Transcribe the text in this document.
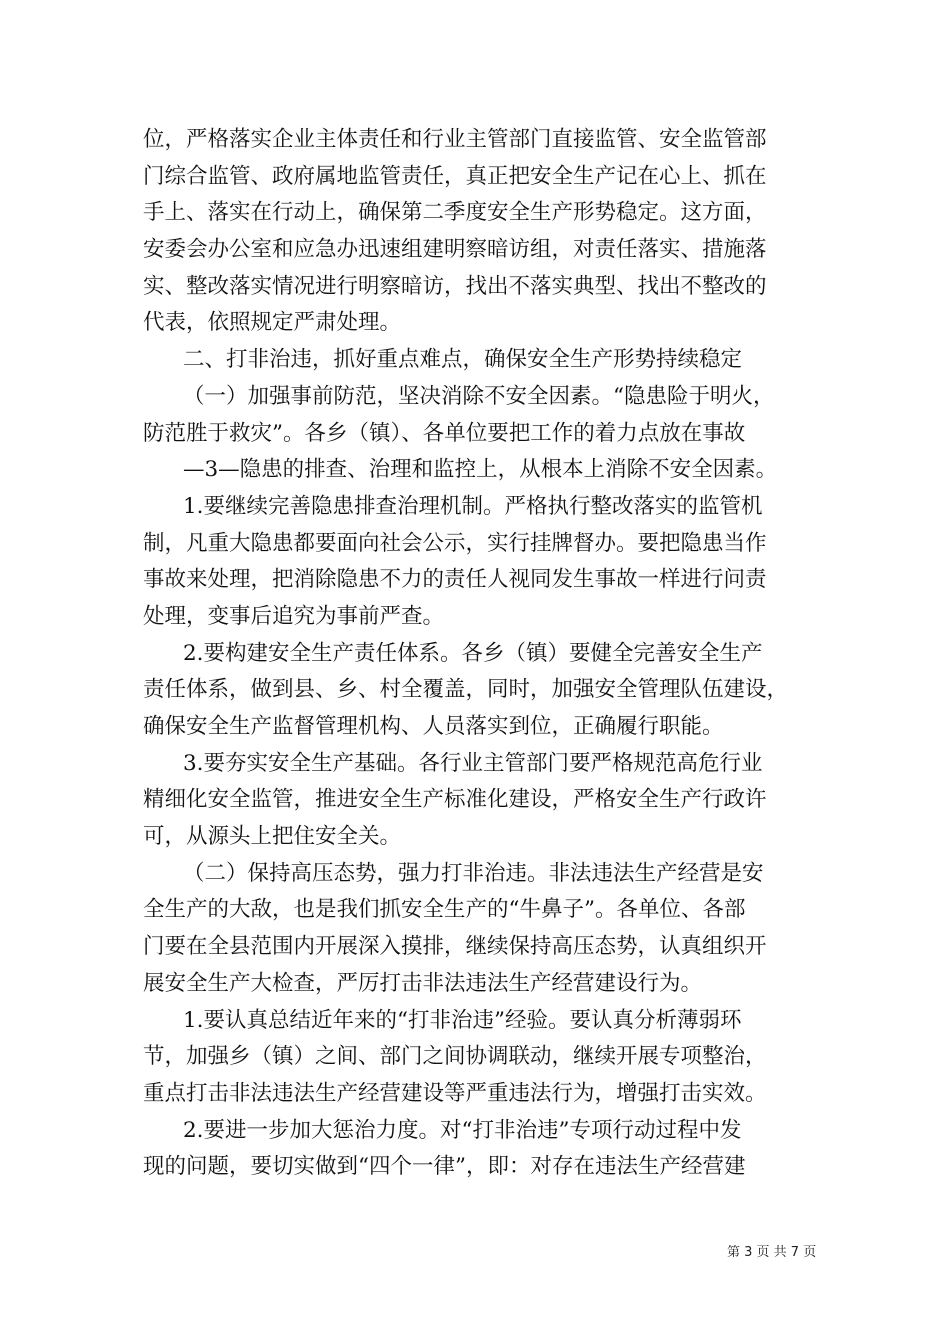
位，严格落实企业主体责任和行业主管部门直接监管、安全监管部
门综合监管、政府属地监管责任，真正把安全生产记在心上、抓在
手上、落实在行动上，确保第二季度安全生产形势稳定。这方面，
安委会办公室和应急办迅速组建明察暗访组，对责任落实、措施落
实、整改落实情况进行明察暗访，找出不落实典型、找出不整改的
代表，依照规定严肃处理。
二、打非治违，抓好重点难点，确保安全生产形势持续稳定
（一）加强事前防范，坚决消除不安全因素。“隐患险于明火，
防范胜于救灾”。各乡（镇）、各单位要把工作的着力点放在事故
—3—隐患的排查、治理和监控上，从根本上消除不安全因素。
1.要继续完善隐患排查治理机制。严格执行整改落实的监管机
制，凡重大隐患都要面向社会公示，实行挂牌督办。要把隐患当作
事故来处理，把消除隐患不力的责任人视同发生事故一样进行问责
处理，变事后追究为事前严查。
2.要构建安全生产责任体系。各乡（镇）要健全完善安全生产
责任体系，做到县、乡、村全覆盖，同时，加强安全管理队伍建设，
确保安全生产监督管理机构、人员落实到位，正确履行职能。
3.要夯实安全生产基础。各行业主管部门要严格规范高危行业
精细化安全监管，推进安全生产标准化建设，严格安全生产行政许
可，从源头上把住安全关。
（二）保持高压态势，强力打非治违。非法违法生产经营是安
全生产的大敌，也是我们抓安全生产的“牛鼻子”。各单位、各部
门要在全县范围内开展深入摸排，继续保持高压态势，认真组织开
展安全生产大检查，严厉打击非法违法生产经营建设行为。
1.要认真总结近年来的“打非治违”经验。要认真分析薄弱环
节，加强乡（镇）之间、部门之间协调联动，继续开展专项整治，
重点打击非法违法生产经营建设等严重违法行为，增强打击实效。
2.要进一步加大惩治力度。对“打非治违”专项行动过程中发
现的问题，要切实做到“四个一律”，即：对存在违法生产经营建
第 3 页 共 7 页
